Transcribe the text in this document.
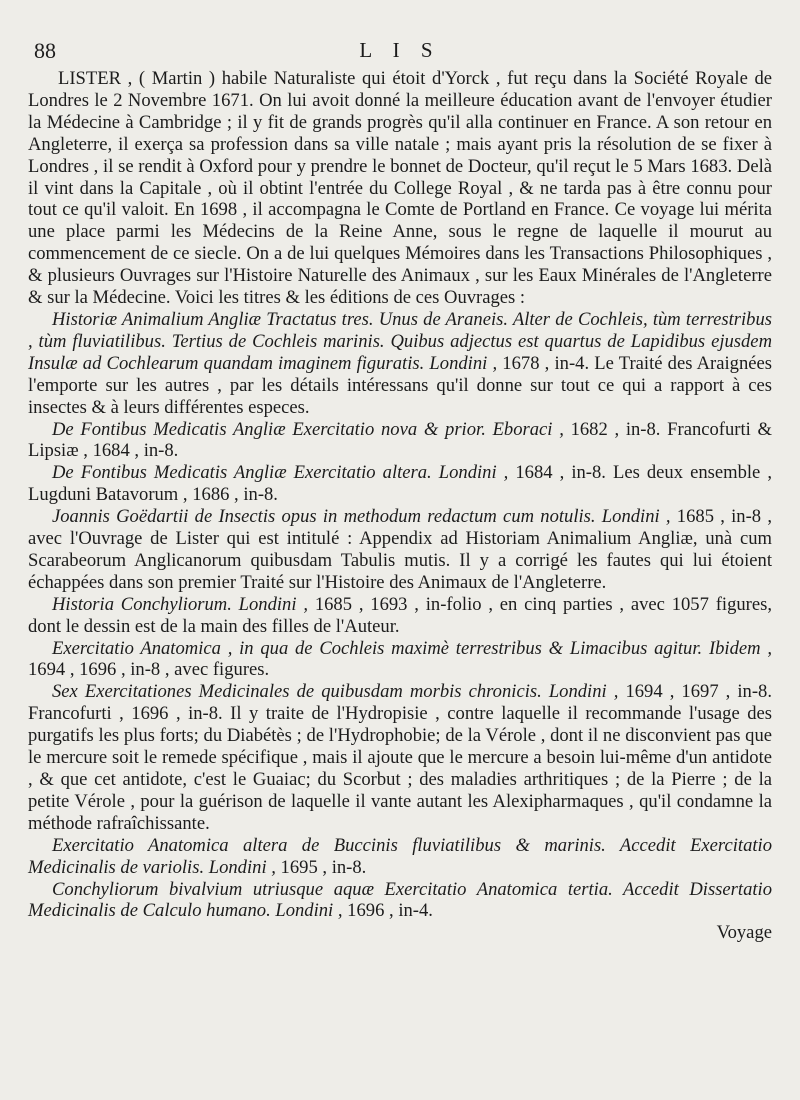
88	L I S

LISTER , ( Martin ) habile Naturaliste qui étoit d'Yorck , fut reçu dans la Société Royale de Londres le 2 Novembre 1671. On lui avoit donné la meilleure éducation avant de l'envoyer étudier la Médecine à Cambridge ; il y fit de grands progrès qu'il alla continuer en France. A son retour en Angleterre, il exerça sa profession dans sa ville natale ; mais ayant pris la résolution de se fixer à Londres , il se rendit à Oxford pour y prendre le bonnet de Docteur, qu'il reçut le 5 Mars 1683. Delà il vint dans la Capitale , où il obtint l'entrée du College Royal , & ne tarda pas à être connu pour tout ce qu'il valoit. En 1698 , il accompagna le Comte de Portland en France. Ce voyage lui mérita une place parmi les Médecins de la Reine Anne, sous le regne de laquelle il mourut au commencement de ce siecle. On a de lui quelques Mémoires dans les Transactions Philosophiques , & plusieurs Ouvrages sur l'Histoire Naturelle des Animaux , sur les Eaux Minérales de l'Angleterre & sur la Médecine. Voici les titres & les éditions de ces Ouvrages :

Historiæ Animalium Angliæ Tractatus tres. Unus de Araneis. Alter de Cochleis, tùm terrestribus , tùm fluviatilibus. Tertius de Cochleis marinis. Quibus adjectus est quartus de Lapidibus ejusdem Insulæ ad Cochlearum quandam imaginem figuratis. Londini , 1678 , in-4. Le Traité des Araignées l'emporte sur les autres , par les détails intéressans qu'il donne sur tout ce qui a rapport à ces insectes & à leurs différentes especes.

De Fontibus Medicatis Angliæ Exercitatio nova & prior. Eboraci , 1682 , in-8. Francofurti & Lipsiæ , 1684 , in-8.

De Fontibus Medicatis Angliæ Exercitatio altera. Londini , 1684 , in-8. Les deux ensemble , Lugduni Batavorum , 1686 , in-8.

Joannis Goëdartii de Insectis opus in methodum redactum cum notulis. Londini , 1685 , in-8 , avec l'Ouvrage de Lister qui est intitulé : Appendix ad Historiam Animalium Angliæ, unà cum Scarabeorum Anglicanorum quibusdam Tabulis mutis. Il y a corrigé les fautes qui lui étoient échappées dans son premier Traité sur l'Histoire des Animaux de l'Angleterre.

Historia Conchyliorum. Londini , 1685 , 1693 , in-folio , en cinq parties , avec 1057 figures, dont le dessin est de la main des filles de l'Auteur.

Exercitatio Anatomica , in qua de Cochleis maximè terrestribus & Limacibus agitur. Ibidem , 1694 , 1696 , in-8 , avec figures.

Sex Exercitationes Medicinales de quibusdam morbis chronicis. Londini , 1694 , 1697 , in-8. Francofurti , 1696 , in-8. Il y traite de l'Hydropisie , contre laquelle il recommande l'usage des purgatifs les plus forts; du Diabétès ; de l'Hydrophobie; de la Vérole , dont il ne disconvient pas que le mercure soit le remede spécifique , mais il ajoute que le mercure a besoin lui-même d'un antidote , & que cet antidote, c'est le Guaiac; du Scorbut ; des maladies arthritiques ; de la Pierre ; de la petite Vérole , pour la guérison de laquelle il vante autant les Alexipharmaques , qu'il condamne la méthode rafraîchissante.

Exercitatio Anatomica altera de Buccinis fluviatilibus & marinis. Accedit Exercitatio Medicinalis de variolis. Londini , 1695 , in-8.

Conchyliorum bivalvium utriusque aquæ Exercitatio Anatomica tertia. Accedit Dissertatio Medicinalis de Calculo humano. Londini , 1696 , in-4.

Voyage
